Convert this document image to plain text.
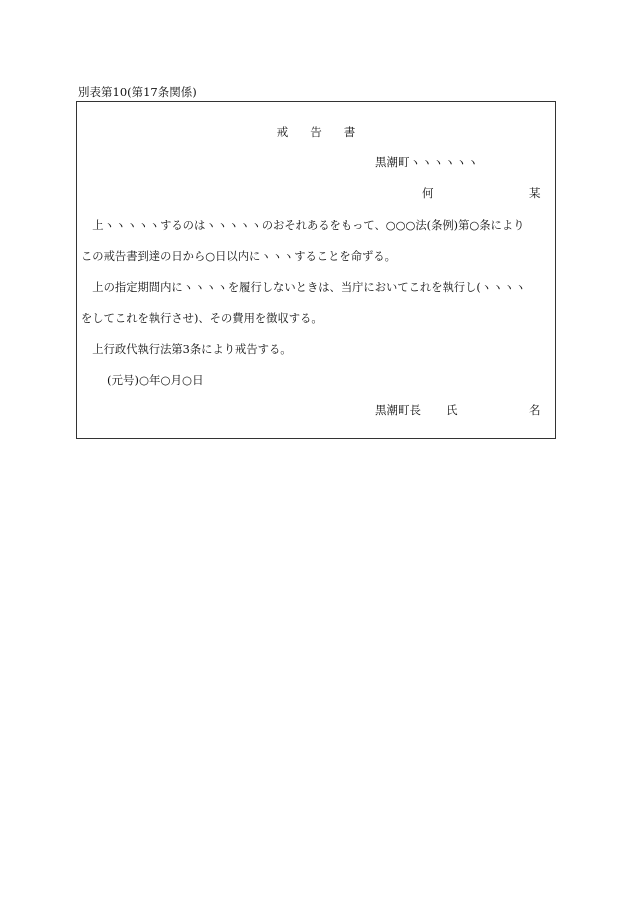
別表第10(第17条関係)
戒告書
黒潮町ヽヽヽヽヽヽ
何	某
　上ヽヽヽヽヽするのはヽヽヽヽヽのおそれあるをもって、○○○法(条例)第○条により
この戒告書到達の日から○日以内にヽヽヽすることを命ずる。
　上の指定期間内にヽヽヽヽを履行しないときは、当庁においてこれを執行し(ヽヽヽヽ
をしてこれを執行させ)、その費用を徴収する。
　上行政代執行法第3条により戒告する。
(元号)○年○月○日
黒潮町長 氏	名
